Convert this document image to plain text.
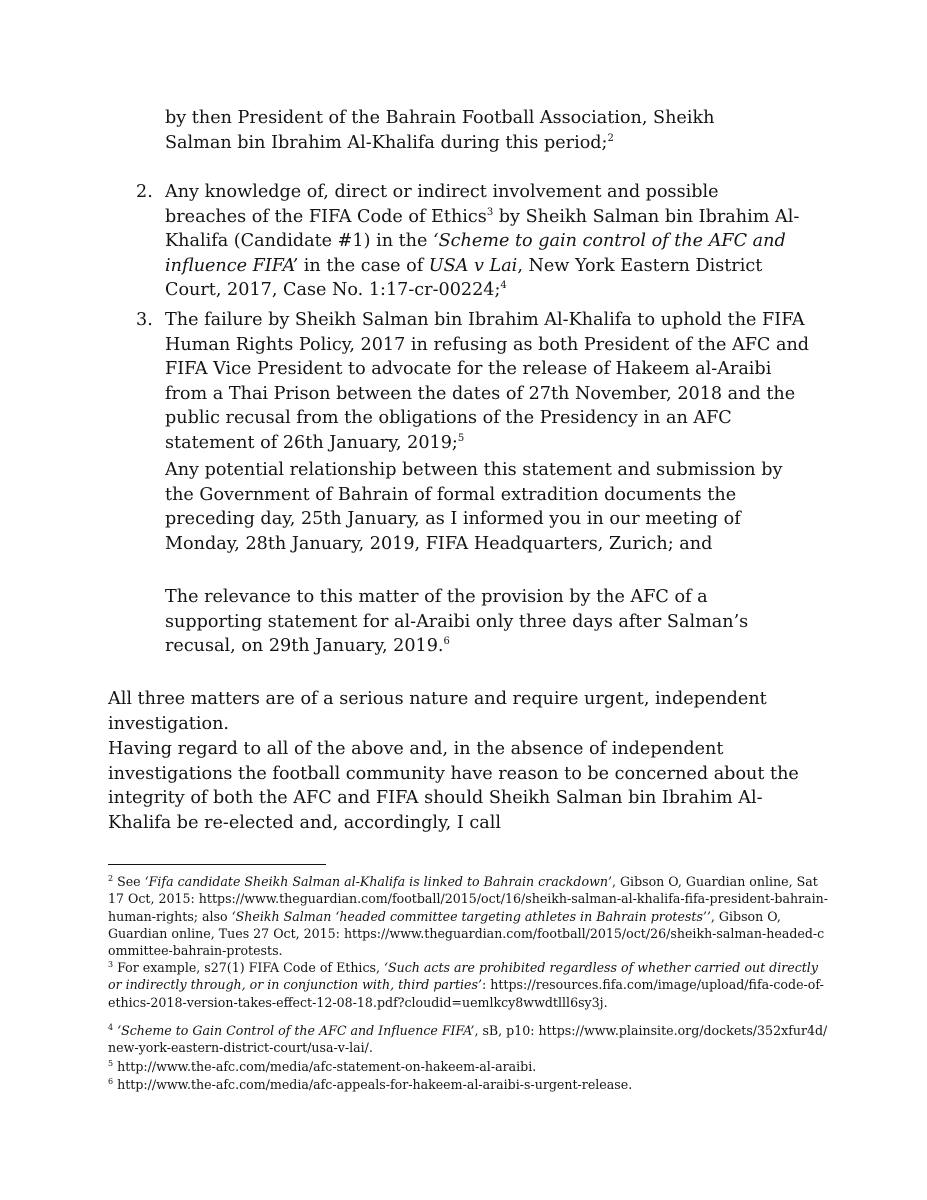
by then President of the Bahrain Football Association, Sheikh Salman bin Ibrahim Al-Khalifa during this period;$^2$

2. Any knowledge of, direct or indirect involvement and possible breaches of the FIFA Code of Ethics$^3$ by Sheikh Salman bin Ibrahim Al-Khalifa (Candidate #1) in the ‘Scheme to gain control of the AFC and influence FIFA’ in the case of USA v Lai, New York Eastern District Court, 2017, Case No. 1:17-cr-00224;$^4$

3. The failure by Sheikh Salman bin Ibrahim Al-Khalifa to uphold the FIFA Human Rights Policy, 2017 in refusing as both President of the AFC and FIFA Vice President to advocate for the release of Hakeem al-Araibi from a Thai Prison between the dates of 27th November, 2018 and the public recusal from the obligations of the Presidency in an AFC statement of 26th January, 2019;$^5$

Any potential relationship between this statement and submission by the Government of Bahrain of formal extradition documents the preceding day, 25th January, as I informed you in our meeting of Monday, 28th January, 2019, FIFA Headquarters, Zurich; and

The relevance to this matter of the provision by the AFC of a supporting statement for al-Araibi only three days after Salman’s recusal, on 29th January, 2019.$^6$

All three matters are of a serious nature and require urgent, independent investigation.

Having regard to all of the above and, in the absence of independent investigations the football community have reason to be concerned about the integrity of both the AFC and FIFA should Sheikh Salman bin Ibrahim Al-Khalifa be re-elected and, accordingly, I call

$^2$ See ‘Fifa candidate Sheikh Salman al-Khalifa is linked to Bahrain crackdown’, Gibson O, Guardian online, Sat 17 Oct, 2015: https://www.theguardian.com/football/2015/oct/16/sheikh-salman-al-khalifa-fifa-president-bahrain-human-rights; also ‘Sheikh Salman ‘headed committee targeting athletes in Bahrain protests’’, Gibson O, Guardian online, Tues 27 Oct, 2015: https://www.theguardian.com/football/2015/oct/26/sheikh-salman-headed-committee-bahrain-protests.

$^3$ For example, s27(1) FIFA Code of Ethics, ‘Such acts are prohibited regardless of whether carried out directly or indirectly through, or in conjunction with, third parties’: https://resources.fifa.com/image/upload/fifa-code-of-ethics-2018-version-takes-effect-12-08-18.pdf?cloudid=uemlkcy8wwdtlll6sy3j.

$^4$ ‘Scheme to Gain Control of the AFC and Influence FIFA’, sB, p10: https://www.plainsite.org/dockets/352xfur4d/new-york-eastern-district-court/usa-v-lai/.

$^5$ http://www.the-afc.com/media/afc-statement-on-hakeem-al-araibi.

$^6$ http://www.the-afc.com/media/afc-appeals-for-hakeem-al-araibi-s-urgent-release.
